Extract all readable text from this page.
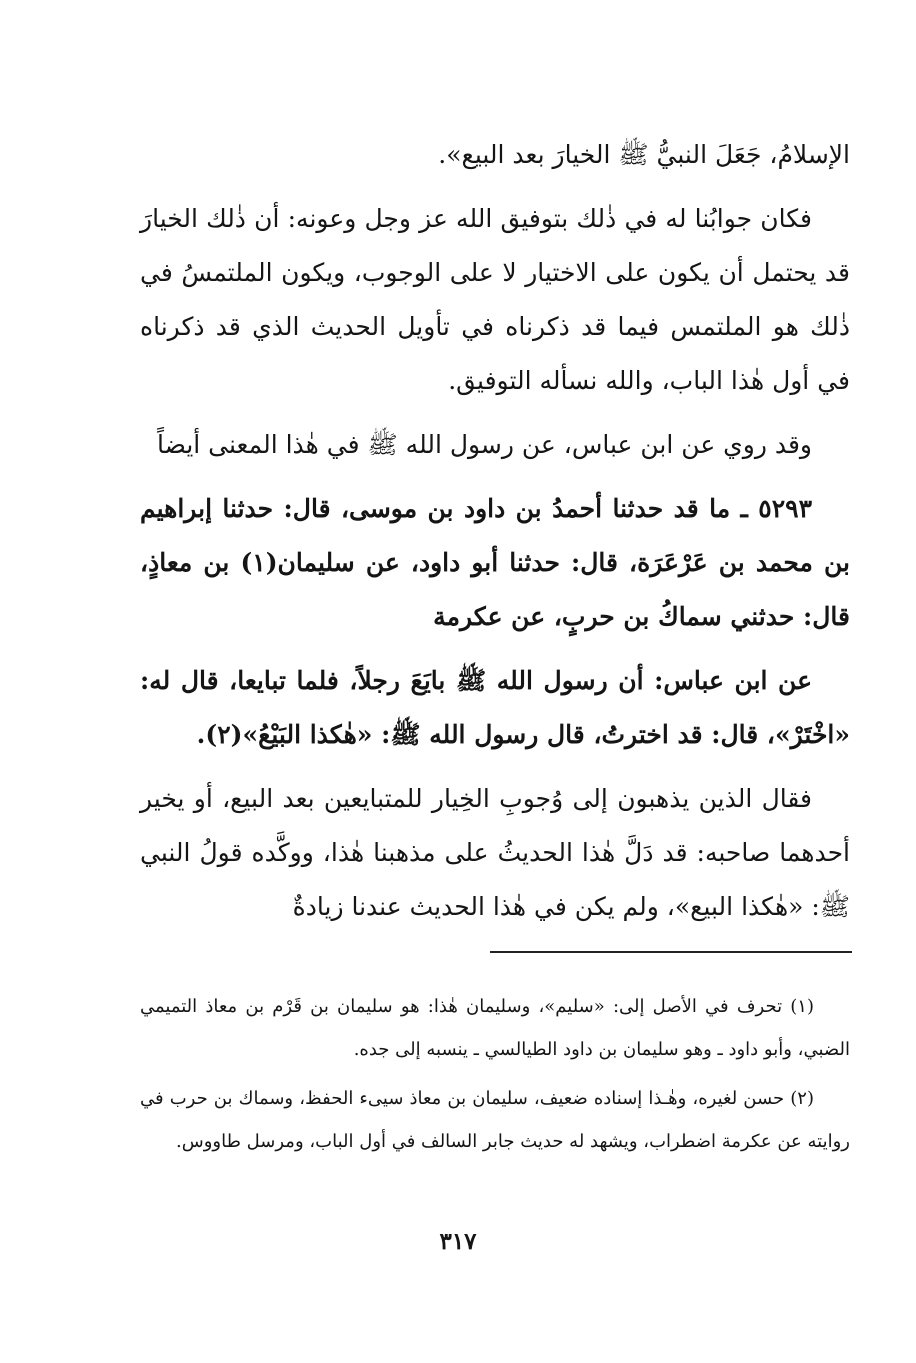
الإسلامُ، جَعَلَ النبيُّ ﷺ الخيارَ بعد البيع».

فكان جوابُنا له في ذٰلك بتوفيق الله عز وجل وعونه: أن ذٰلك الخيارَ قد يحتمل أن يكون على الاختيار لا على الوجوب، ويكون الملتمسُ في ذٰلك هو الملتمس فيما قد ذكرناه في تأويل الحديث الذي قد ذكرناه في أول هٰذا الباب، والله نسأله التوفيق.

وقد روي عن ابن عباس، عن رسول الله ﷺ في هٰذا المعنى أيضاً

٥٢٩٣ ـ ما قد حدثنا أحمدُ بن داود بن موسى، قال: حدثنا إبراهيم بن محمد بن عَرْعَرَة، قال: حدثنا أبو داود، عن سليمان(١) بن معاذٍ، قال: حدثني سماكُ بن حربٍ، عن عكرمة

عن ابن عباس: أن رسول الله ﷺ بايَعَ رجلاً، فلما تبايعا، قال له: «اخْتَرْ»، قال: قد اخترتُ، قال رسول الله ﷺ: «هٰكذا البَيْعُ»(٢).

فقال الذين يذهبون إلى وُجوبِ الخِيار للمتبايعين بعد البيع، أو يخير أحدهما صاحبه: قد دَلَّ هٰذا الحديثُ على مذهبنا هٰذا، ووكَّده قولُ النبي ﷺ: «هٰكذا البيع»، ولم يكن في هٰذا الحديث عندنا زيادةٌ

(١) تحرف في الأصل إلى: «سليم»، وسليمان هٰذا: هو سليمان بن قَرْم بن معاذ التميمي الضبي، وأبو داود ـ وهو سليمان بن داود الطيالسي ـ ينسبه إلى جده.

(٢) حسن لغيره، وهٰـذا إسناده ضعيف، سليمان بن معاذ سيىء الحفظ، وسماك بن حرب في روايته عن عكرمة اضطراب، ويشهد له حديث جابر السالف في أول الباب، ومرسل طاووس.

٣١٧
